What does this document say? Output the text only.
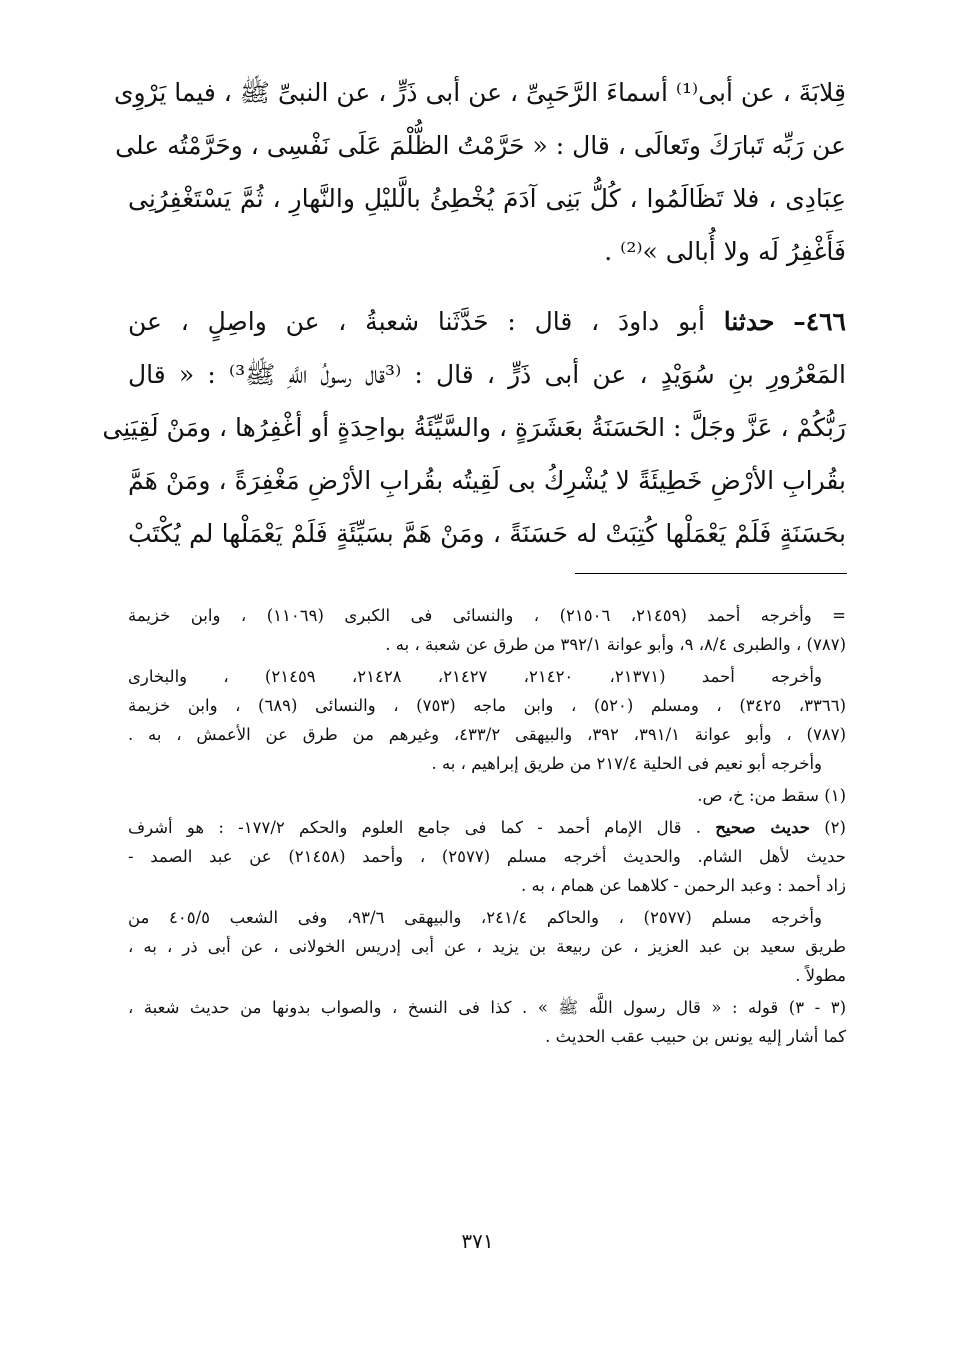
قِلابَةَ ، عن أبى⁽¹⁾ أسماءَ الرَّحَبِىِّ ، عن أبى ذَرٍّ ، عن النبىِّ ﷺ ، فيما يَرْوِى
عن رَبِّه تَبارَكَ وتَعالَى ، قال : « حَرَّمْتُ الظُّلْمَ عَلَى نَفْسِى ، وحَرَّمْتُه على
عِبَادِى ، فلا تَظَالَمُوا ، كُلُّ بَنِى آدَمَ يُخْطِئُ بالَّليْلِ والنَّهارِ ، ثُمَّ يَسْتَغْفِرُنِى
فَأَغْفِرُ لَه ولا أُبالى »⁽²⁾ .
٤٦٦– حدثنا أبو داودَ ، قال : حَدَّثَنا شعبةُ ، عن واصِلٍ ، عن
المَعْرُورِ بنِ سُوَيْدٍ ، عن أبى ذَرٍّ ، قال : ⁽³قال رسولُ اللَّهِ ﷺ³⁾ : « قال
رَبُّكُمْ ، عَزَّ وجَلَّ : الحَسَنَةُ بعَشَرَةٍ ، والسَّيِّئَةُ بواحِدَةٍ أو أغْفِرُها ، ومَنْ لَقِيَنِى
بقُرابِ الأرْضِ خَطِيئَةً لا يُشْرِكُ بى لَقِيتُه بقُرابِ الأرْضِ مَغْفِرَةً ، ومَنْ هَمَّ
بحَسَنَةٍ فَلَمْ يَعْمَلْها كُتِبَتْ له حَسَنَةً ، ومَنْ هَمَّ بسَيِّئَةٍ فَلَمْ يَعْمَلْها لم يُكْتَبْ
= وأخرجه أحمد (٢١٤٥٩، ٢١٥٠٦) ، والنسائى فى الكبرى (١١٠٦٩) ، وابن خزيمة
(٧٨٧) ، والطبرى ٨/٤، ٩، وأبو عوانة ٣٩٢/١ من طرق عن شعبة ، به .
وأخرجه أحمد (٢١٣٧١، ٢١٤٢٠، ٢١٤٢٧، ٢١٤٢٨، ٢١٤٥٩) ، والبخارى
(٣٣٦٦، ٣٤٢٥) ، ومسلم (٥٢٠) ، وابن ماجه (٧٥٣) ، والنسائى (٦٨٩) ، وابن خزيمة
(٧٨٧) ، وأبو عوانة ٣٩١/١، ٣٩٢، والبيهقى ٤٣٣/٢، وغيرهم من طرق عن الأعمش ، به .
وأخرجه أبو نعيم فى الحلية ٢١٧/٤ من طريق إبراهيم ، به .
(١) سقط من: خ، ص.
(٢) حديث صحيح . قال الإمام أحمد - كما فى جامع العلوم والحكم ١٧٧/٢- : هو أشرف
حديث لأهل الشام. والحديث أخرجه مسلم (٢٥٧٧) ، وأحمد (٢١٤٥٨) عن عبد الصمد -
زاد أحمد : وعبد الرحمن - كلاهما عن همام ، به .
وأخرجه مسلم (٢٥٧٧) ، والحاكم ٢٤١/٤، والبيهقى ٩٣/٦، وفى الشعب ٤٠٥/٥ من
طريق سعيد بن عبد العزيز ، عن ربيعة بن يزيد ، عن أبى إدريس الخولانى ، عن أبى ذر ، به ،
مطولاً .
(٣ - ٣) قوله : « قال رسول اللَّه ﷺ » . كذا فى النسخ ، والصواب بدونها من حديث شعبة ،
كما أشار إليه يونس بن حبيب عقب الحديث .
٣٧١
